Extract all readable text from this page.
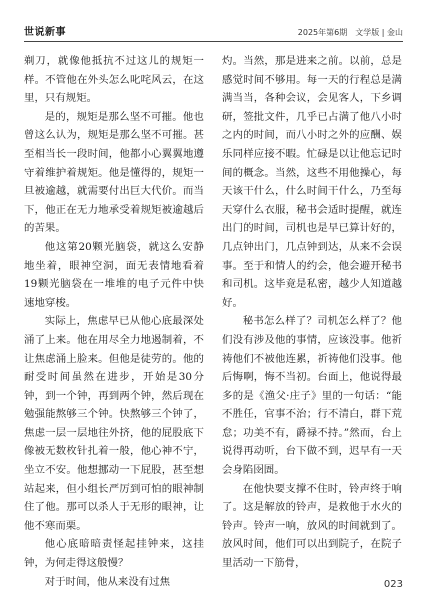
世说新事	2025年第6期　文学版 | 金山

剃刀，就像他抵抗不过这儿的规矩一样。不管他在外头怎么叱咤风云，在这里，只有规矩。

是的，规矩是那么坚不可摧。他也曾这么认为，规矩是那么坚不可摧。甚至相当长一段时间，他都小心翼翼地遵守着维护着规矩。他是懂得的，规矩一旦被逾越，就需要付出巨大代价。而当下，他正在无力地承受着规矩被逾越后的苦果。

他这第20颗光脑袋，就这么安静地坐着，眼神空洞，面无表情地看着19颗光脑袋在一堆堆的电子元件中快速地穿梭。

实际上，焦虑早已从他心底最深处涌了上来。他在用尽全力地遏制着，不让焦虑涌上脸来。但他是徒劳的。他的耐受时间虽然在进步，开始是30分钟，到一个钟，再到两个钟，然后现在勉强能熬够三个钟。快熬够三个钟了，焦虑一层一层地往外挤，他的屁股底下像被无数枚针扎着一般，他心神不宁，坐立不安。他想挪动一下屁股，甚至想站起来，但小组长严厉到可怕的眼神制住了他。那可以杀人于无形的眼神，让他不寒而栗。

他心底暗暗责怪起挂钟来，这挂钟，为何走得这般慢？

对于时间，他从来没有过焦

灼。当然，那是进来之前。以前，总是感觉时间不够用。每一天的行程总是满满当当，各种会议，会见客人，下乡调研，签批文件，几乎已占满了他八小时之内的时间，而八小时之外的应酬、娱乐同样应接不暇。忙碌是以让他忘记时间的概念。当然，这些不用他操心，每天该干什么，什么时间干什么，乃至每天穿什么衣服，秘书会适时提醒，就连出门的时间，司机也是早已算计好的，几点钟出门，几点钟到达，从来不会误事。至于和情人的约会，他会避开秘书和司机。这毕竟是私密，越少人知道越好。

秘书怎么样了？司机怎么样了？他们没有涉及他的事情，应该没事。他祈祷他们不被他连累，祈祷他们没事。他后悔啊，悔不当初。台面上，他说得最多的是《渔父·庄子》里的一句话：“能不胜任，官事不治；行不清白，群下荒怠；功美不有，爵禄不持。”然而，台上说得再动听，台下做不到，迟早有一天会身陷囹圄。

在他快要支撑不住时，铃声终于响了。这是解放的铃声，是救他于水火的铃声。铃声一响，放风的时间就到了。放风时间，他们可以出到院子，在院子里活动一下筋骨，

023
